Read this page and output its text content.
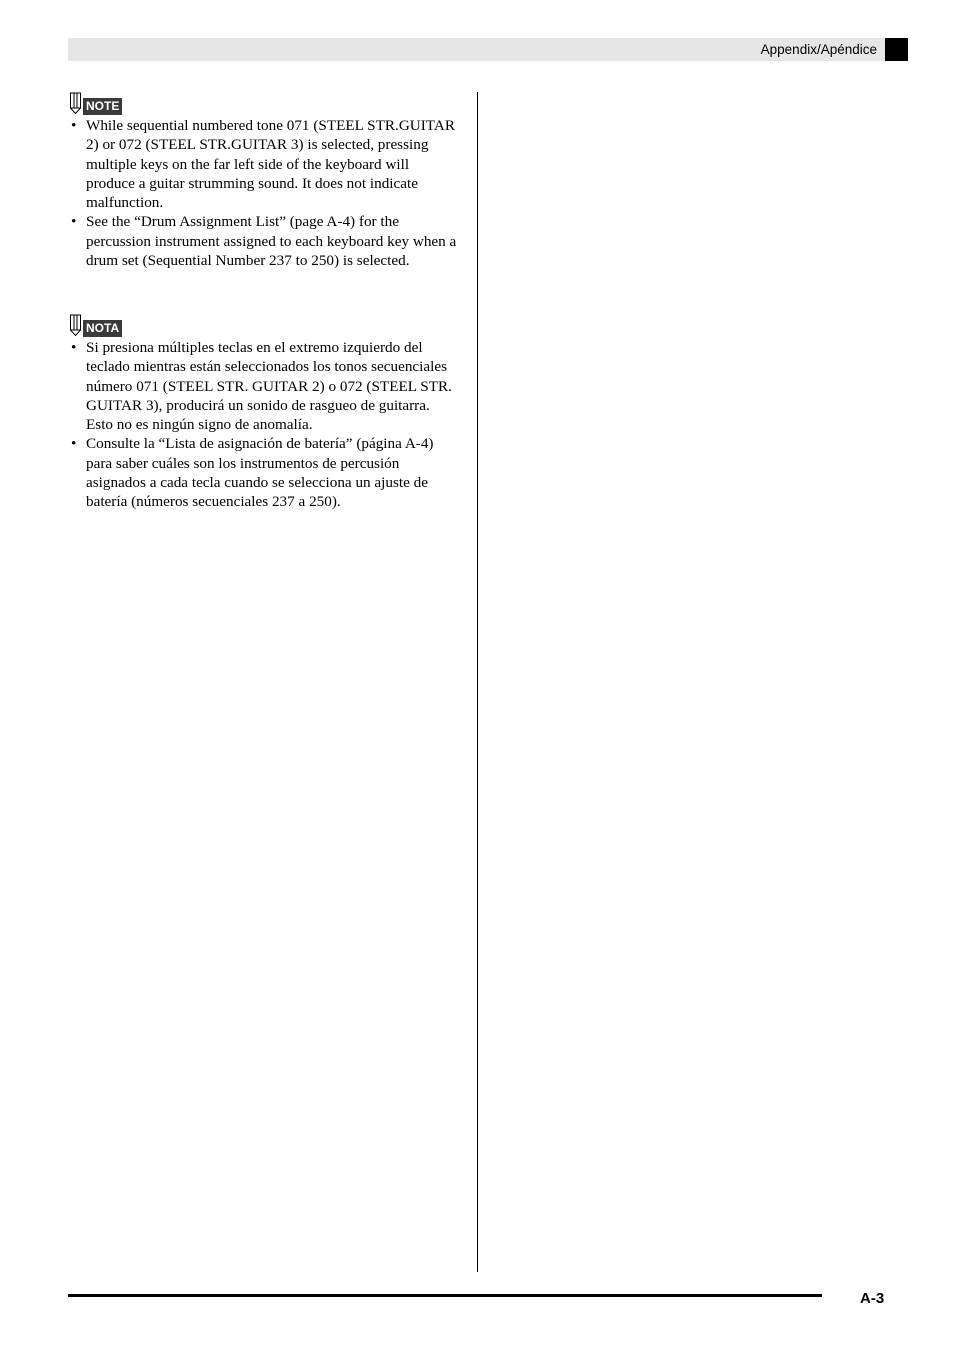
Appendix/Apéndice
NOTE
• While sequential numbered tone 071 (STEEL STR.GUITAR 2) or 072 (STEEL STR.GUITAR 3) is selected, pressing multiple keys on the far left side of the keyboard will produce a guitar strumming sound. It does not indicate malfunction.
• See the “Drum Assignment List” (page A-4) for the percussion instrument assigned to each keyboard key when a drum set (Sequential Number 237 to 250) is selected.
NOTA
• Si presiona múltiples teclas en el extremo izquierdo del teclado mientras están seleccionados los tonos secuenciales número 071 (STEEL STR. GUITAR 2) o 072 (STEEL STR. GUITAR 3), producirá un sonido de rasgueo de guitarra. Esto no es ningún signo de anomalía.
• Consulte la “Lista de asignación de batería” (página A-4) para saber cuáles son los instrumentos de percusión asignados a cada tecla cuando se selecciona un ajuste de batería (números secuenciales 237 a 250).
A-3
